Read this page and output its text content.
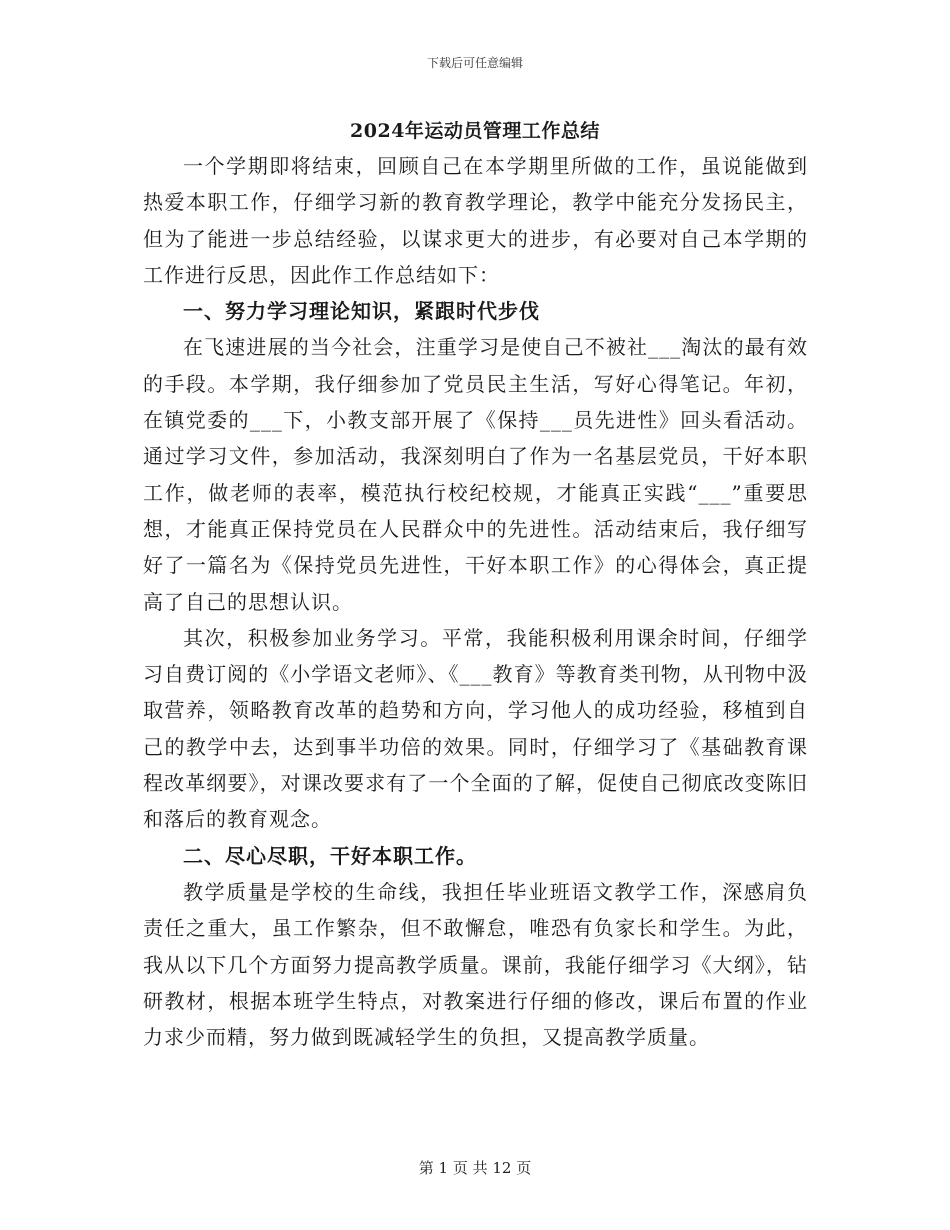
下载后可任意编辑
2024年运动员管理工作总结

一个学期即将结束，回顾自己在本学期里所做的工作，虽说能做到热爱本职工作，仔细学习新的教育教学理论，教学中能充分发扬民主，但为了能进一步总结经验，以谋求更大的进步，有必要对自己本学期的工作进行反思，因此作工作总结如下：

一、努力学习理论知识，紧跟时代步伐

在飞速进展的当今社会，注重学习是使自己不被社___淘汰的最有效的手段。本学期，我仔细参加了党员民主生活，写好心得笔记。年初，在镇党委的___下，小教支部开展了《保持___员先进性》回头看活动。通过学习文件，参加活动，我深刻明白了作为一名基层党员，干好本职工作，做老师的表率，模范执行校纪校规，才能真正实践“___”重要思想，才能真正保持党员在人民群众中的先进性。活动结束后，我仔细写好了一篇名为《保持党员先进性，干好本职工作》的心得体会，真正提高了自己的思想认识。

其次，积极参加业务学习。平常，我能积极利用课余时间，仔细学习自费订阅的《小学语文老师》、《___教育》等教育类刊物，从刊物中汲取营养，领略教育改革的趋势和方向，学习他人的成功经验，移植到自己的教学中去，达到事半功倍的效果。同时，仔细学习了《基础教育课程改革纲要》，对课改要求有了一个全面的了解，促使自己彻底改变陈旧和落后的教育观念。

二、尽心尽职，干好本职工作。

教学质量是学校的生命线，我担任毕业班语文教学工作，深感肩负责任之重大，虽工作繁杂，但不敢懈怠，唯恐有负家长和学生。为此，我从以下几个方面努力提高教学质量。课前，我能仔细学习《大纲》，钻研教材，根据本班学生特点，对教案进行仔细的修改，课后布置的作业力求少而精，努力做到既减轻学生的负担，又提高教学质量。

第 1 页 共 12 页
